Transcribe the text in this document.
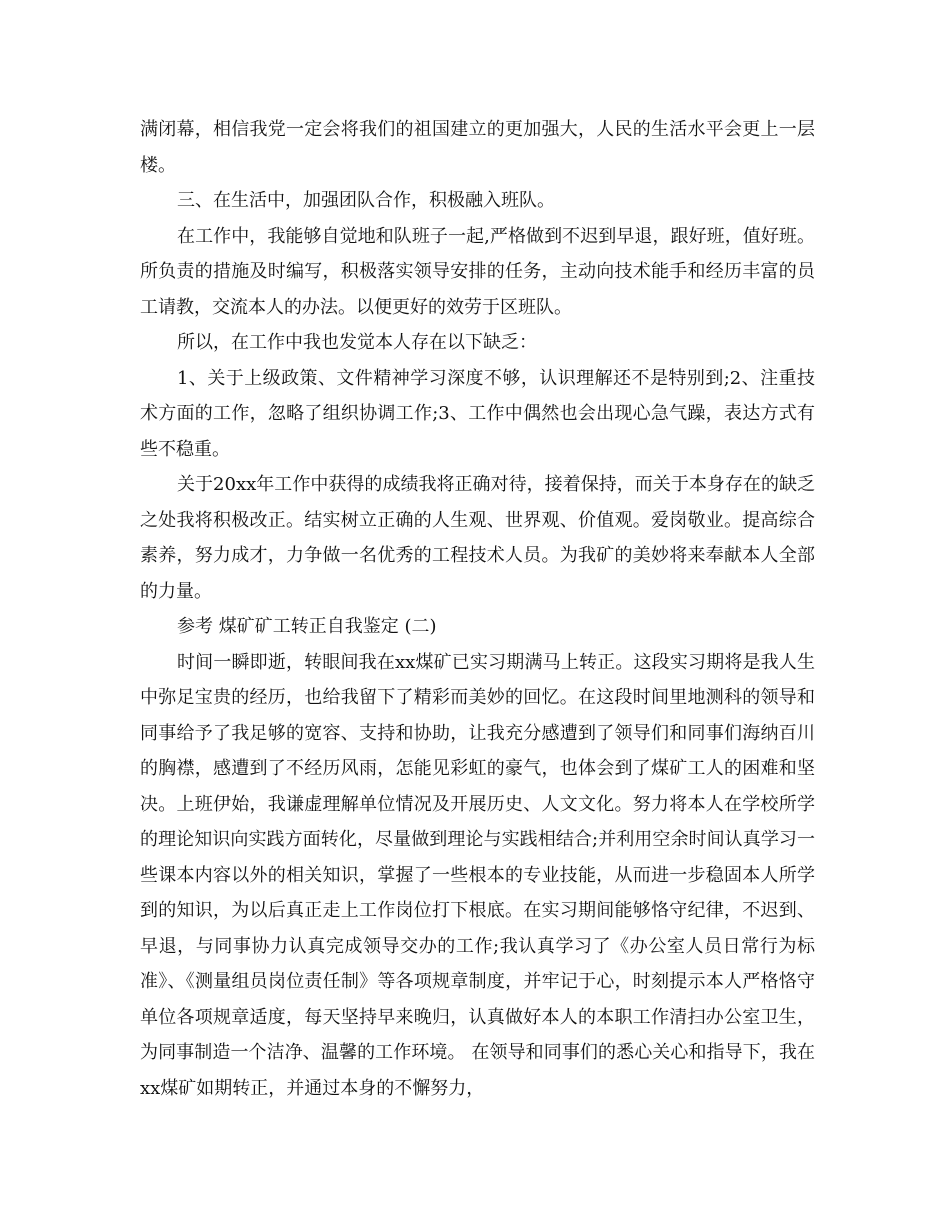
满闭幕，相信我党一定会将我们的祖国建立的更加强大，人民的生活水平会更上一层楼。

三、在生活中，加强团队合作，积极融入班队。

在工作中，我能够自觉地和队班子一起,严格做到不迟到早退，跟好班，值好班。所负责的措施及时编写，积极落实领导安排的任务，主动向技术能手和经历丰富的员工请教，交流本人的办法。以便更好的效劳于区班队。

所以，在工作中我也发觉本人存在以下缺乏：

1、关于上级政策、文件精神学习深度不够，认识理解还不是特别到;2、注重技术方面的工作，忽略了组织协调工作;3、工作中偶然也会出现心急气躁，表达方式有些不稳重。

关于20xx年工作中获得的成绩我将正确对待，接着保持，而关于本身存在的缺乏之处我将积极改正。结实树立正确的人生观、世界观、价值观。爱岗敬业。提高综合素养，努力成才，力争做一名优秀的工程技术人员。为我矿的美妙将来奉献本人全部的力量。

参考 煤矿矿工转正自我鉴定 (二)

时间一瞬即逝，转眼间我在xx煤矿已实习期满马上转正。这段实习期将是我人生中弥足宝贵的经历，也给我留下了精彩而美妙的回忆。在这段时间里地测科的领导和同事给予了我足够的宽容、支持和协助，让我充分感遭到了领导们和同事们海纳百川的胸襟，感遭到了不经历风雨，怎能见彩虹的豪气，也体会到了煤矿工人的困难和坚决。上班伊始，我谦虚理解单位情况及开展历史、人文文化。努力将本人在学校所学的理论知识向实践方面转化，尽量做到理论与实践相结合;并利用空余时间认真学习一些课本内容以外的相关知识，掌握了一些根本的专业技能，从而进一步稳固本人所学到的知识，为以后真正走上工作岗位打下根底。在实习期间能够恪守纪律，不迟到、早退，与同事协力认真完成领导交办的工作;我认真学习了《办公室人员日常行为标准》、《测量组员岗位责任制》等各项规章制度，并牢记于心，时刻提示本人严格恪守单位各项规章适度，每天坚持早来晚归，认真做好本人的本职工作清扫办公室卫生，为同事制造一个洁净、温馨的工作环境。 在领导和同事们的悉心关心和指导下，我在xx煤矿如期转正，并通过本身的不懈努力，
